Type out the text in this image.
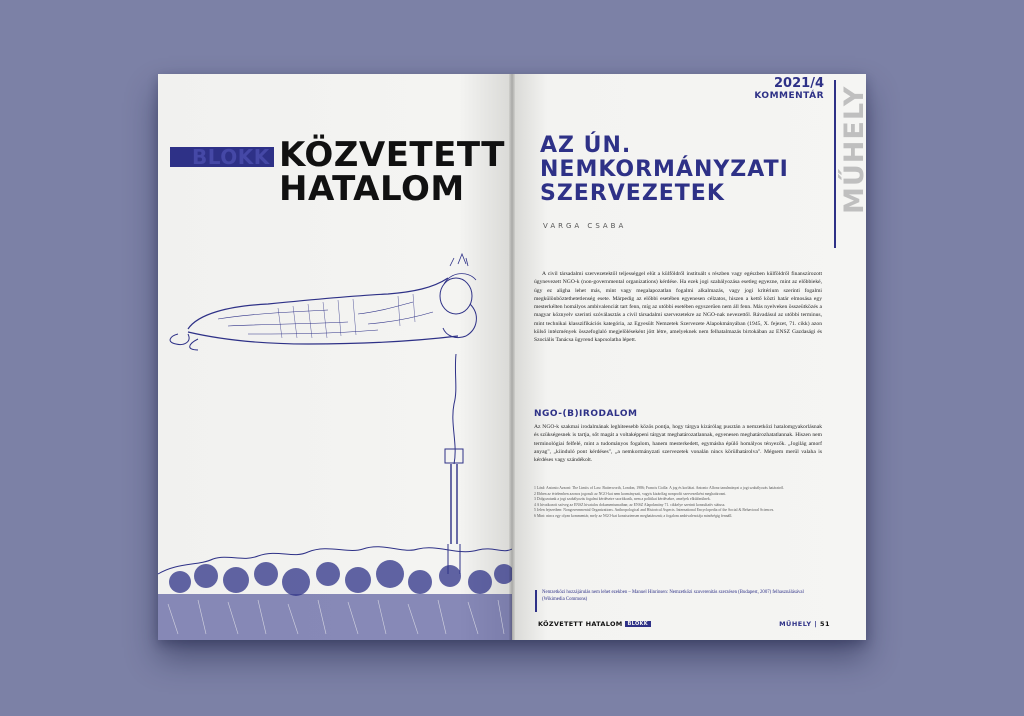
BLOKK KÖZVETETT
HATALOM
2021/4
KOMMENTÁR MŰHELY
AZ ÚN.
NEMKORMÁNYZATI
SZERVEZETEK
VARGA CSABA
A civil társadalmi szervezetektől teljességgel elüt a külföldről instituált s részben vagy egészben külföldről finanszírozott úgynevezett NGO-k (non-governmental organizations) kérdése. Ha ezek jogi szabályozása esetleg egyezne, mint az előbbieké, úgy ez aligha lehet más, mint vagy megalapozatlan fogalmi alkalmazás, vagy jogi kritérium szerinti fogalmi megkülönböztethetetlenség esete. Márpedig az előbbi esetében egyenesen célzatos, hiszen a kettő közti határ elmosása egy mesterkélten homályos ambivalenciát tart fenn, míg az utóbbi esetében egyszerűen nem áll fenn. Más nyelveken összeütközés a magyar köznyelv szerinti szóválasztás a civil társadalmi szervezetekre az NGO-nak nevezettől. Rávadásul az utóbbi terminus, mint technikai klasszifikációs kategória, az Egyesült Nemzetek Szervezete Alapokmányában (1945, X. fejezet, 71. cikk) azon külső intézmények összefoglaló megjelöléseként jött létre, amelyeknek nem felhatalmazás birtokában az ENSZ Gazdasági és Szociális Tanácsa ügyrend kapcsolatba lépett.
NGO-(B)IRODALOM
Az NGO-k szakmai irodalmának leghiteesebb közös pontja, hogy tárgya kizárólag pusztán a nemzetközi hatalomgyakorlásnak és szükségesnek is tartja, sőt magát a voltaképpeni tárgyat meghatározatlannak, egyenesen meghatározhatatlannak. Hiszen nem terminológiai felfelé, mint a tudományos fogalom, hanem mesterkedett, egymásba épülő homályos tényezők. „Jogilág amorf anyag", „kiinduló pont kérdéses", „a nemkormányzati szervezetek vonalán nincs körülhatárolva". Mégsem merül valaha is kérdéses vagy szándékolt.
1 Lásd: Antonio Azzoni: The Limits of Law. Butterworth, London, 1986; Francis Ciolla: A jog és korlátai. Antonio Alfonz tanulmányai a jogi szabályozás határairól.
2 Ebben az értelemben azonos jogosult az NGO-kat nem kormányzati, vagyis kizárólag nonprofit szervezetként meghatározni.
3 Dolgozatunk a jogi szabályozás fogalmi kérdéseire szorítkozik, nem a politikai kérdésekre, amelyek elkülönülnek.
4 A hivatkozott szöveg az ENSZ hivatalos dokumentumaiban; az ENSZ Alapokmány 71. cikkelye szerinti konzultatív státusz.
5 Jelen fejezetben: Nongovernmental Organizations. Anthropological and Historical Aspects. International Encyclopedia of the Social & Behavioral Sciences.
6 Mint: nincs egy olyan kommentár, mely az NGO-kat konzisztensen meghatározná; a fogalom ambivalenciája mindvégig fennáll.
Nemzetközi hozzájárulás nem lehet ezekben – Manuel Hinrinsen: Nemzetközi szuverenitás szerzésen (Budapest, 2007) felhasználásával (Wikimedia Commons)
KÖZVETETT HATALOM BLOKK	MŰHELY | 51
